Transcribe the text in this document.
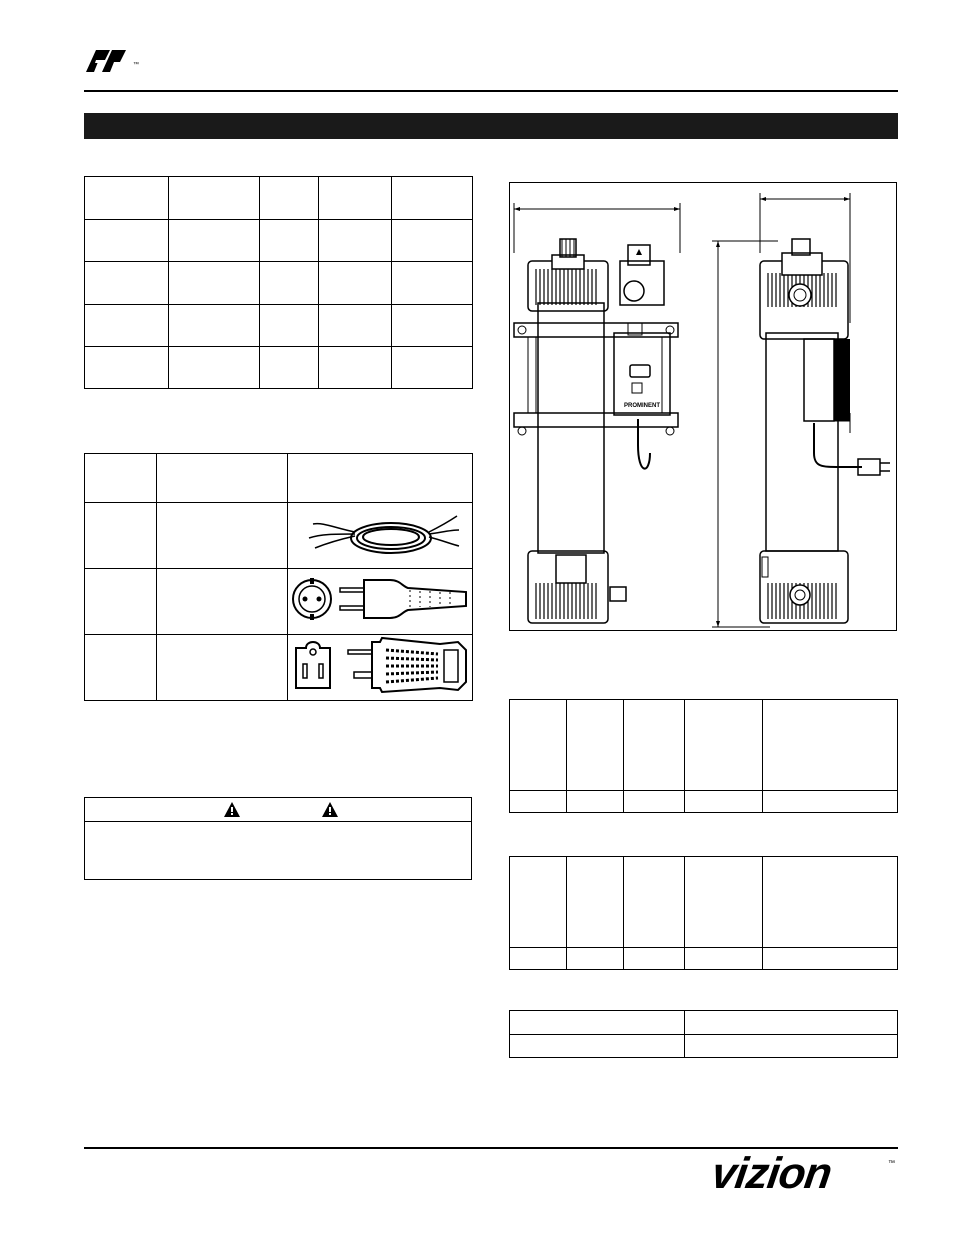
™

PROMINENT

vizion	™
